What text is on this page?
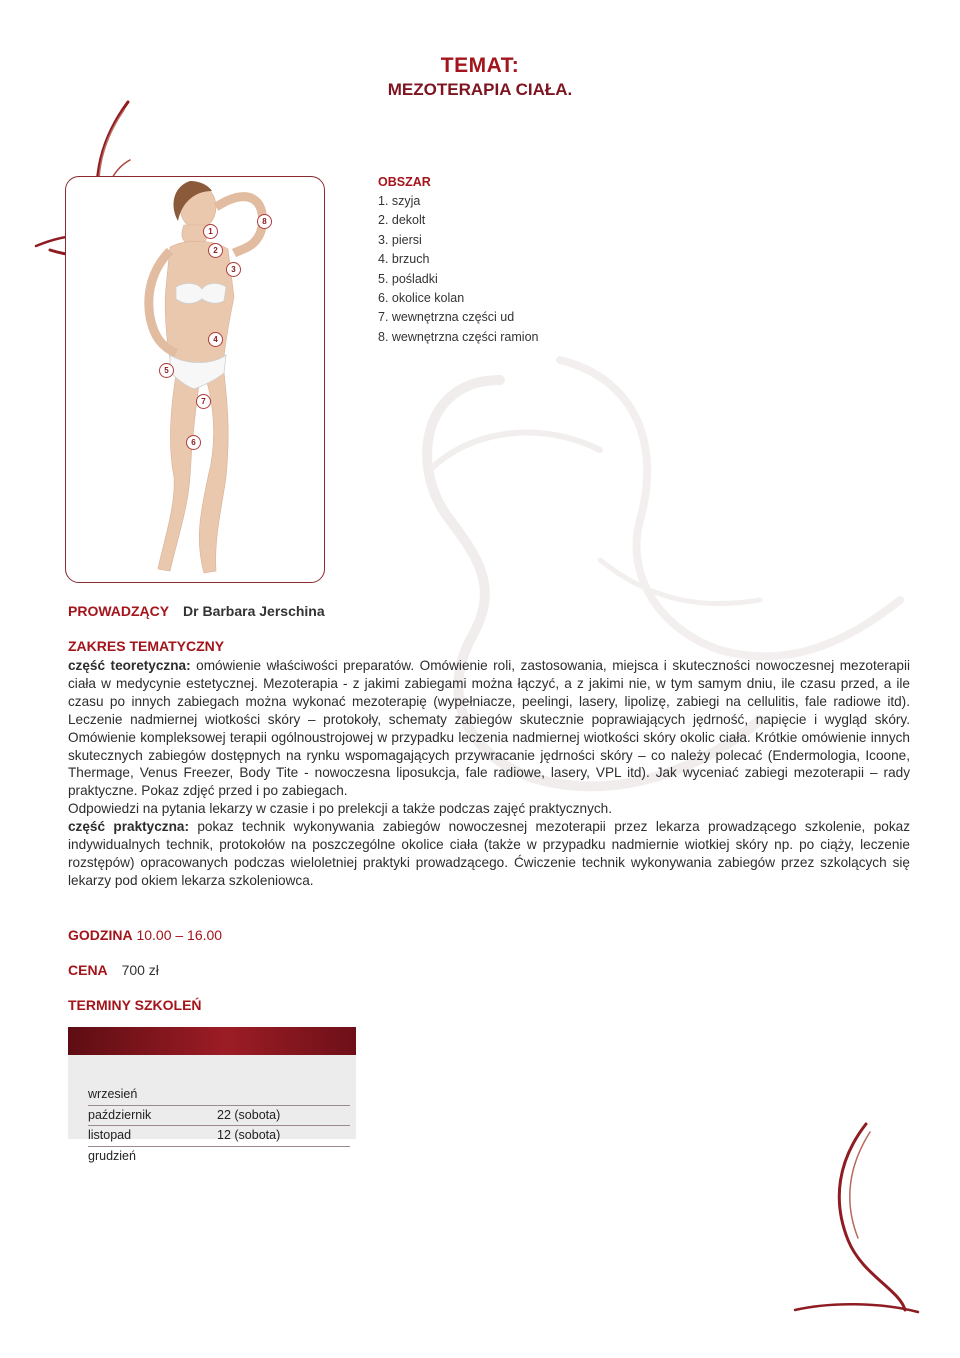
TEMAT:
MEZOTERAPIA CIAŁA.
1
2
3
4
5
6
7
8
OBSZAR
1. szyja
2. dekolt
3. piersi
4. brzuch
5. pośladki
6. okolice kolan
7. wewnętrzna części ud
8. wewnętrzna części ramion
PROWADZĄCY Dr Barbara Jerschina
ZAKRES TEMATYCZNY
część teoretyczna: omówienie właściwości preparatów. Omówienie roli, zastosowania, miejsca i skuteczności nowoczesnej mezoterapii ciała w medycynie estetycznej. Mezoterapia - z jakimi zabiegami można łączyć, a z jakimi nie, w tym samym dniu, ile czasu przed, a ile czasu po innych zabiegach można wykonać mezoterapię (wypełniacze, peelingi, lasery, lipolizę, zabiegi na cellulitis, fale radiowe itd). Leczenie nadmiernej wiotkości skóry – protokoły, schematy zabiegów skutecznie poprawiających jędrność, napięcie i wygląd skóry. Omówienie kompleksowej terapii ogólnoustrojowej w przypadku leczenia nadmiernej wiotkości skóry okolic ciała. Krótkie omówienie innych skutecznych zabiegów dostępnych na rynku wspomagających przywracanie jędrności skóry – co należy polecać (Endermologia, Icoone, Thermage, Venus Freezer, Body Tite - nowoczesna liposukcja, fale radiowe, lasery, VPL itd). Jak wyceniać zabiegi mezoterapii – rady praktyczne. Pokaz zdjęć przed i po zabiegach.
Odpowiedzi na pytania lekarzy w czasie i po prelekcji a także podczas zajęć praktycznych.
część praktyczna: pokaz technik wykonywania zabiegów nowoczesnej mezoterapii przez lekarza prowadzącego szkolenie, pokaz indywidualnych technik, protokołów na poszczególne okolice ciała (także w przypadku nadmiernie wiotkiej skóry np. po ciąży, leczenie rozstępów) opracowanych podczas wieloletniej praktyki prowadzącego. Ćwiczenie technik wykonywania zabiegów przez szkolących się lekarzy pod okiem lekarza szkoleniowca.
GODZINA 10.00 – 16.00
CENA 700 zł
TERMINY SZKOLEŃ
wrzesień
październik	22 (sobota)
listopad	12 (sobota)
grudzień
